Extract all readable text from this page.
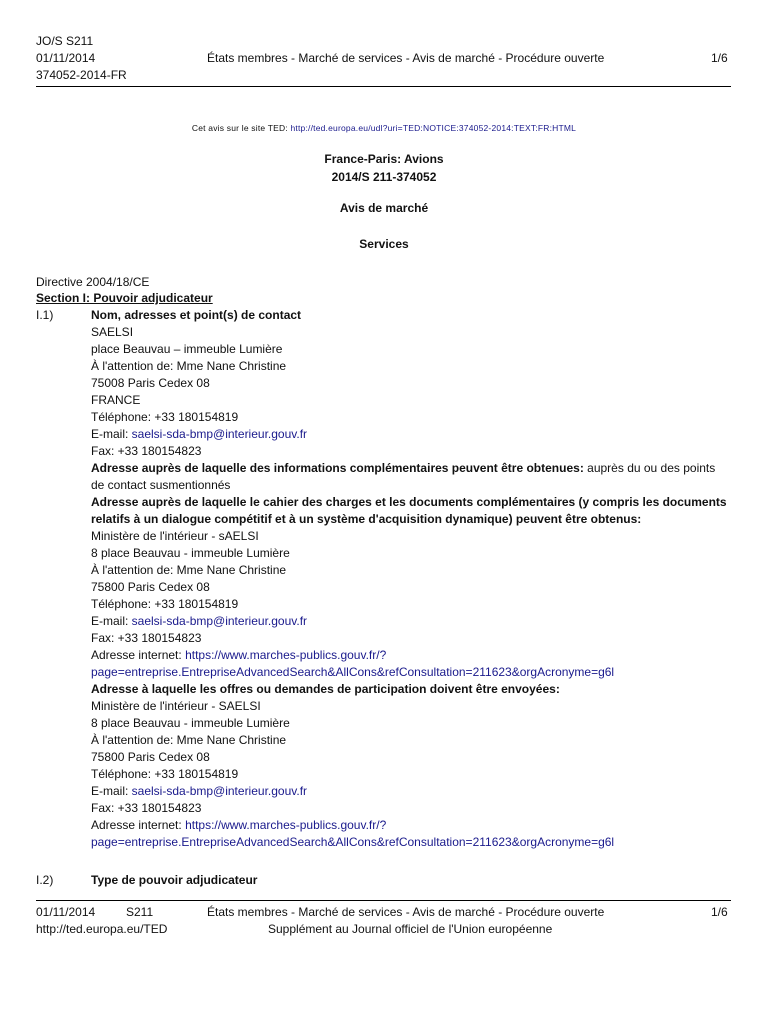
JO/S S211
01/11/2014
374052-2014-FR
États membres - Marché de services - Avis de marché - Procédure ouverte	1/6
Cet avis sur le site TED: http://ted.europa.eu/udl?uri=TED:NOTICE:374052-2014:TEXT:FR:HTML
France-Paris: Avions
2014/S 211-374052
Avis de marché
Services
Directive 2004/18/CE
Section I: Pouvoir adjudicateur
I.1)	Nom, adresses et point(s) de contact
SAELSI
place Beauvau – immeuble Lumière
À l'attention de: Mme Nane Christine
75008 Paris Cedex 08
FRANCE
Téléphone: +33 180154819
E-mail: saelsi-sda-bmp@interieur.gouv.fr
Fax: +33 180154823
Adresse auprès de laquelle des informations complémentaires peuvent être obtenues: auprès du ou des points de contact susmentionnés
Adresse auprès de laquelle le cahier des charges et les documents complémentaires (y compris les documents relatifs à un dialogue compétitif et à un système d'acquisition dynamique) peuvent être obtenus:
Ministère de l'intérieur - sAELSI
8 place Beauvau - immeuble Lumière
À l'attention de: Mme Nane Christine
75800 Paris Cedex 08
Téléphone: +33 180154819
E-mail: saelsi-sda-bmp@interieur.gouv.fr
Fax: +33 180154823
Adresse internet: https://www.marches-publics.gouv.fr/?
page=entreprise.EntrepriseAdvancedSearch&AllCons&refConsultation=211623&orgAcronyme=g6l
Adresse à laquelle les offres ou demandes de participation doivent être envoyées:
Ministère de l'intérieur - SAELSI
8 place Beauvau - immeuble Lumière
À l'attention de: Mme Nane Christine
75800 Paris Cedex 08
Téléphone: +33 180154819
E-mail: saelsi-sda-bmp@interieur.gouv.fr
Fax: +33 180154823
Adresse internet: https://www.marches-publics.gouv.fr/?
page=entreprise.EntrepriseAdvancedSearch&AllCons&refConsultation=211623&orgAcronyme=g6l
I.2)	Type de pouvoir adjudicateur
01/11/2014	S211	États membres - Marché de services - Avis de marché - Procédure ouverte	1/6
http://ted.europa.eu/TED	Supplément au Journal officiel de l'Union européenne
